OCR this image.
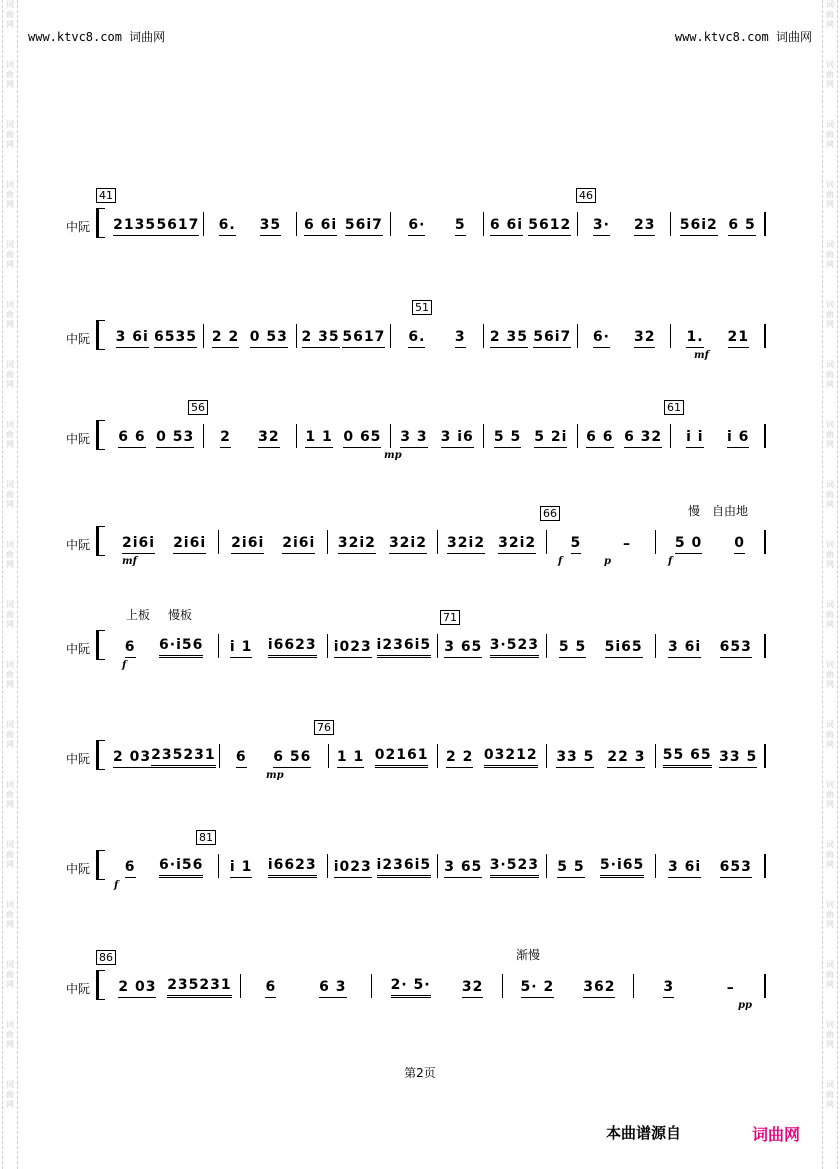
词
曲
网
词
曲
网
词
曲
网
词
曲
网
词
曲
网
词
曲
网
词
曲
网
词
曲
网
词
曲
网
词
曲
网
词
曲
网
词
曲
网
词
曲
网
词
曲
网
词
曲
网
词
曲
网
词
曲
网
词
曲
网
词
曲
网
词
曲
网
词
曲
网
词
曲
网
词
曲
网
词
曲
网
词
曲
网
词
曲
网
词
曲
网
词
曲
网
词
曲
网
词
曲
网
词
曲
网
词
曲
网
词
曲
网
词
曲
网
词
曲
网
词
曲
网
词
曲
网
词
曲
网
www.ktvc8.com 词曲网	www.ktvc8.com 词曲网
中阮
41	46
2135 5617 6. 35 6 6i 56i7 6· 5 6 6i 5612 3· 23 56i2 6 5
中阮
51
3 6i 6535 2 2 0 53 2 35 5617 6. 3 2 35 56i7 6· 32 1. 21
中阮
56	61
6 6 0 53 2 32 1 1 0 65 3 3 3 i6 5 5 5 2i 6 6 6 32 i i i 6
中阮
66	慢 自由地
2i6i 2i6i 2i6i 2i6i 32i2 32i2 32i2 32i2 5	–	5 0 0
中阮
71
上板 慢板
6 6·i56 i 1 i6623 i023 i236i5 3 65 3·523 5 5 5i65 3 6i 653
中阮
76
2 03 235231 6 6 56 1 1 02161 2 2 03212 33 5 22 3 55 65 33 5
中阮
81
6 6·i56 i 1 i6623 i023 i236i5 3 65 3·523 5 5 5·i65 3 6i 653
中阮
86	渐慢
2 03 235231 6	6 3	2· 5· 32	5· 2 362	3	–
第2页
本曲谱源自	词曲网
mf
mp
mf	f	p	f
f
mp
f
pp
